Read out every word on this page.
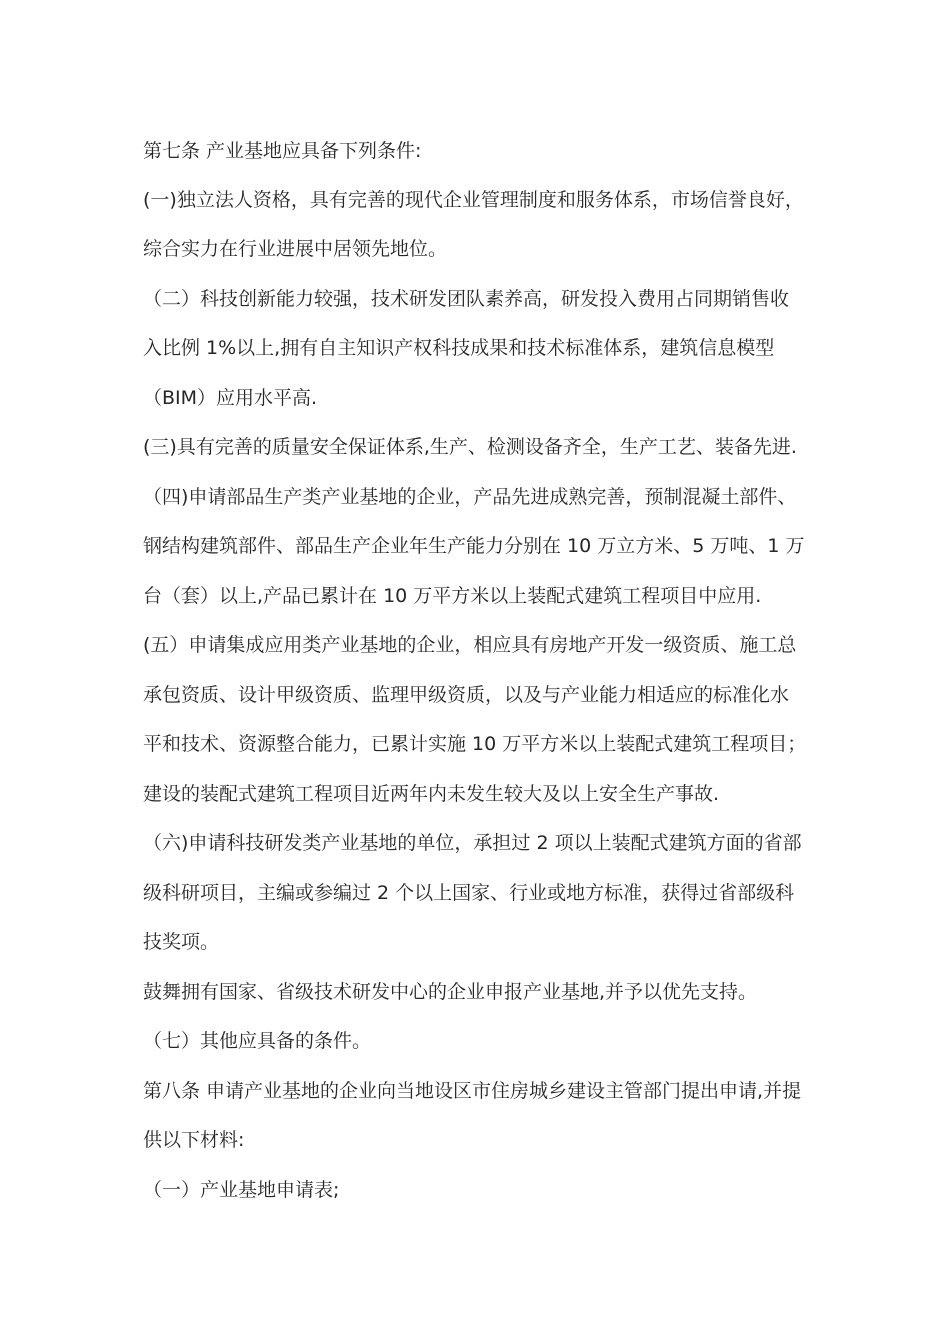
第七条 产业基地应具备下列条件:
(一)独立法人资格，具有完善的现代企业管理制度和服务体系，市场信誉良好，
综合实力在行业进展中居领先地位。
（二）科技创新能力较强，技术研发团队素养高，研发投入费用占同期销售收
入比例 1%以上,拥有自主知识产权科技成果和技术标准体系，建筑信息模型
（BIM）应用水平高.
(三)具有完善的质量安全保证体系,生产、检测设备齐全，生产工艺、装备先进.
（四)申请部品生产类产业基地的企业，产品先进成熟完善，预制混凝土部件、
钢结构建筑部件、部品生产企业年生产能力分别在 10 万立方米、5 万吨、1 万
台（套）以上,产品已累计在 10 万平方米以上装配式建筑工程项目中应用.
(五）申请集成应用类产业基地的企业，相应具有房地产开发一级资质、施工总
承包资质、设计甲级资质、监理甲级资质，以及与产业能力相适应的标准化水
平和技术、资源整合能力，已累计实施 10 万平方米以上装配式建筑工程项目；
建设的装配式建筑工程项目近两年内未发生较大及以上安全生产事故.
（六)申请科技研发类产业基地的单位，承担过 2 项以上装配式建筑方面的省部
级科研项目，主编或参编过 2 个以上国家、行业或地方标准，获得过省部级科
技奖项。
鼓舞拥有国家、省级技术研发中心的企业申报产业基地,并予以优先支持。
（七）其他应具备的条件。
第八条 申请产业基地的企业向当地设区市住房城乡建设主管部门提出申请,并提
供以下材料:
（一）产业基地申请表;
